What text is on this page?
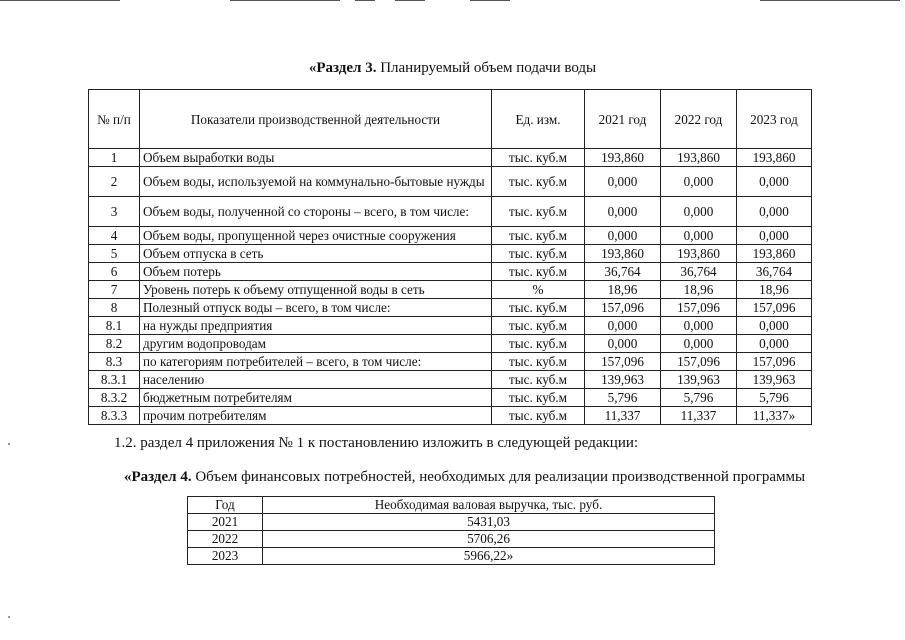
«Раздел 3. Планируемый объем подачи воды
№ п/п	Показатели производственной деятельности	Ед. изм.	2021 год	2022 год	2023 год
1	Объем выработки воды	тыс. куб.м	193,860	193,860	193,860
2	Объем воды, используемой на коммунально-бытовые нужды	тыс. куб.м	0,000	0,000	0,000
3	Объем воды, полученной со стороны – всего, в том числе:	тыс. куб.м	0,000	0,000	0,000
4	Объем воды, пропущенной через очистные сооружения	тыс. куб.м	0,000	0,000	0,000
5	Объем отпуска в сеть	тыс. куб.м	193,860	193,860	193,860
6	Объем потерь	тыс. куб.м	36,764	36,764	36,764
7	Уровень потерь к объему отпущенной воды в сеть	%	18,96	18,96	18,96
8	Полезный отпуск воды – всего, в том числе:	тыс. куб.м	157,096	157,096	157,096
8.1	на нужды предприятия	тыс. куб.м	0,000	0,000	0,000
8.2	другим водопроводам	тыс. куб.м	0,000	0,000	0,000
8.3	по категориям потребителей – всего, в том числе:	тыс. куб.м	157,096	157,096	157,096
8.3.1	населению	тыс. куб.м	139,963	139,963	139,963
8.3.2	бюджетным потребителям	тыс. куб.м	5,796	5,796	5,796
8.3.3	прочим потребителям	тыс. куб.м	11,337	11,337	11,337»
1.2. раздел 4 приложения № 1 к постановлению изложить в следующей редакции:
«Раздел 4. Объем финансовых потребностей, необходимых для реализации производственной программы
Год	Необходимая валовая выручка, тыс. руб.
2021	5431,03
2022	5706,26
2023	5966,22»
